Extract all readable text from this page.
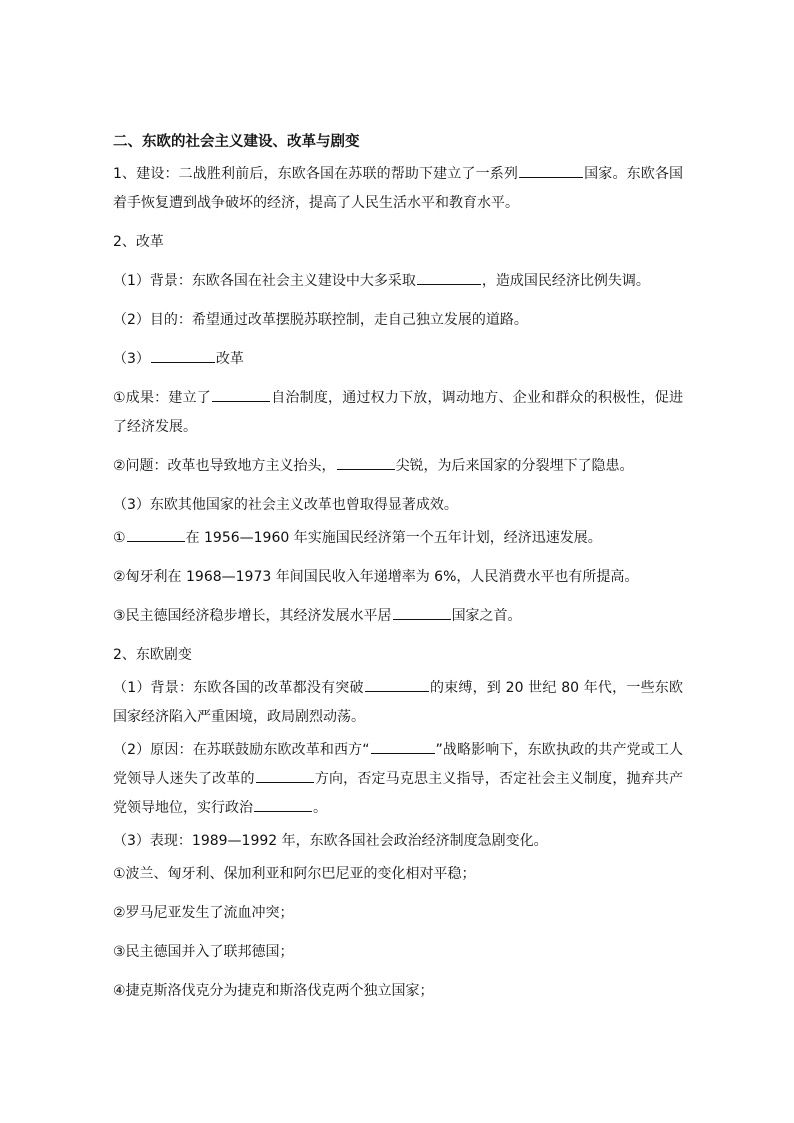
二、东欧的社会主义建设、改革与剧变
1、建设：二战胜利前后，东欧各国在苏联的帮助下建立了一系列	国家。东欧各国着手恢复遭到战争破坏的经济，提高了人民生活水平和教育水平。
2、改革
（1）背景：东欧各国在社会主义建设中大多采取	，造成国民经济比例失调。
（2）目的：希望通过改革摆脱苏联控制，走自己独立发展的道路。
（3）	改革
①成果：建立了	自治制度，通过权力下放，调动地方、企业和群众的积极性，促进了经济发展。
②问题：改革也导致地方主义抬头，	尖锐，为后来国家的分裂埋下了隐患。
（3）东欧其他国家的社会主义改革也曾取得显著成效。
①	在 1956—1960 年实施国民经济第一个五年计划，经济迅速发展。
②匈牙利在 1968—1973 年间国民收入年递增率为 6%，人民消费水平也有所提高。
③民主德国经济稳步增长，其经济发展水平居	国家之首。
2、东欧剧变
（1）背景：东欧各国的改革都没有突破	的束缚，到 20 世纪 80 年代，一些东欧国家经济陷入严重困境，政局剧烈动荡。
（2）原因：在苏联鼓励东欧改革和西方“	”战略影响下，东欧执政的共产党或工人党领导人迷失了改革的	方向，否定马克思主义指导，否定社会主义制度，抛弃共产党领导地位，实行政治	。
（3）表现：1989—1992 年，东欧各国社会政治经济制度急剧变化。
①波兰、匈牙利、保加利亚和阿尔巴尼亚的变化相对平稳；
②罗马尼亚发生了流血冲突；
③民主德国并入了联邦德国；
④捷克斯洛伐克分为捷克和斯洛伐克两个独立国家；
